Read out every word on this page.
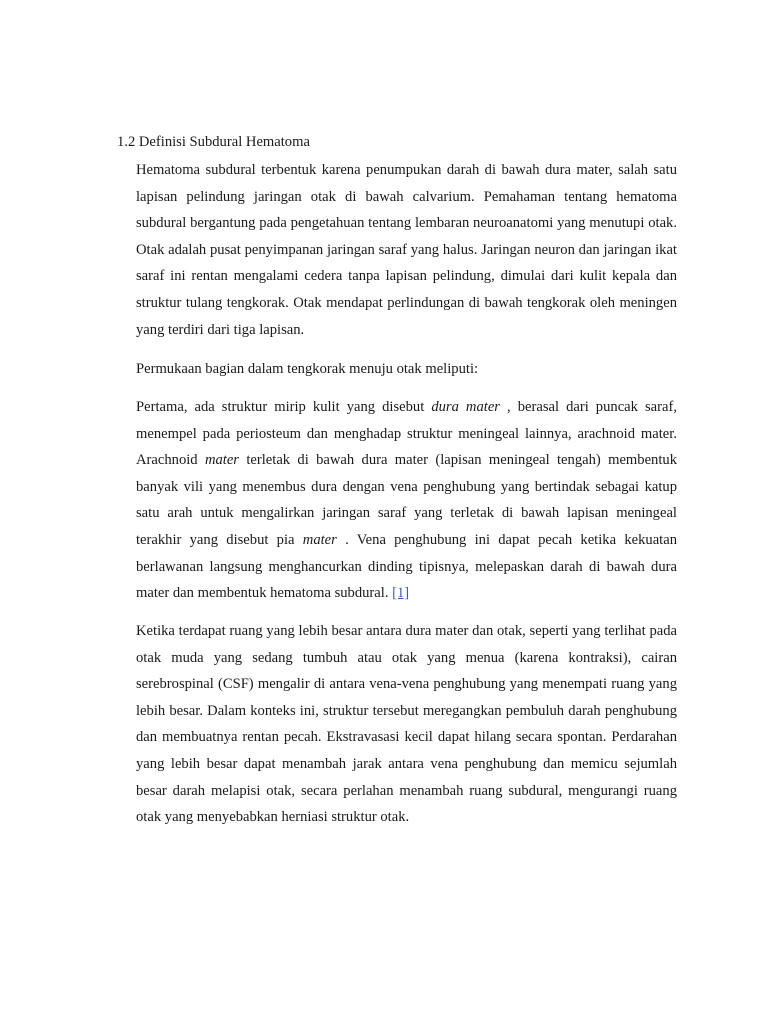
1.2 Definisi Subdural Hematoma

Hematoma subdural terbentuk karena penumpukan darah di bawah dura mater, salah satu lapisan pelindung jaringan otak di bawah calvarium. Pemahaman tentang hematoma subdural bergantung pada pengetahuan tentang lembaran neuroanatomi yang menutupi otak. Otak adalah pusat penyimpanan jaringan saraf yang halus. Jaringan neuron dan jaringan ikat saraf ini rentan mengalami cedera tanpa lapisan pelindung, dimulai dari kulit kepala dan struktur tulang tengkorak. Otak mendapat perlindungan di bawah tengkorak oleh meningen yang terdiri dari tiga lapisan.

Permukaan bagian dalam tengkorak menuju otak meliputi:

Pertama, ada struktur mirip kulit yang disebut dura mater , berasal dari puncak saraf, menempel pada periosteum dan menghadap struktur meningeal lainnya, arachnoid mater. Arachnoid mater terletak di bawah dura mater (lapisan meningeal tengah) membentuk banyak vili yang menembus dura dengan vena penghubung yang bertindak sebagai katup satu arah untuk mengalirkan jaringan saraf yang terletak di bawah lapisan meningeal terakhir yang disebut pia mater . Vena penghubung ini dapat pecah ketika kekuatan berlawanan langsung menghancurkan dinding tipisnya, melepaskan darah di bawah dura mater dan membentuk hematoma subdural. [1]

Ketika terdapat ruang yang lebih besar antara dura mater dan otak, seperti yang terlihat pada otak muda yang sedang tumbuh atau otak yang menua (karena kontraksi), cairan serebrospinal (CSF) mengalir di antara vena-vena penghubung yang menempati ruang yang lebih besar. Dalam konteks ini, struktur tersebut meregangkan pembuluh darah penghubung dan membuatnya rentan pecah. Ekstravasasi kecil dapat hilang secara spontan. Perdarahan yang lebih besar dapat menambah jarak antara vena penghubung dan memicu sejumlah besar darah melapisi otak, secara perlahan menambah ruang subdural, mengurangi ruang otak yang menyebabkan herniasi struktur otak.
